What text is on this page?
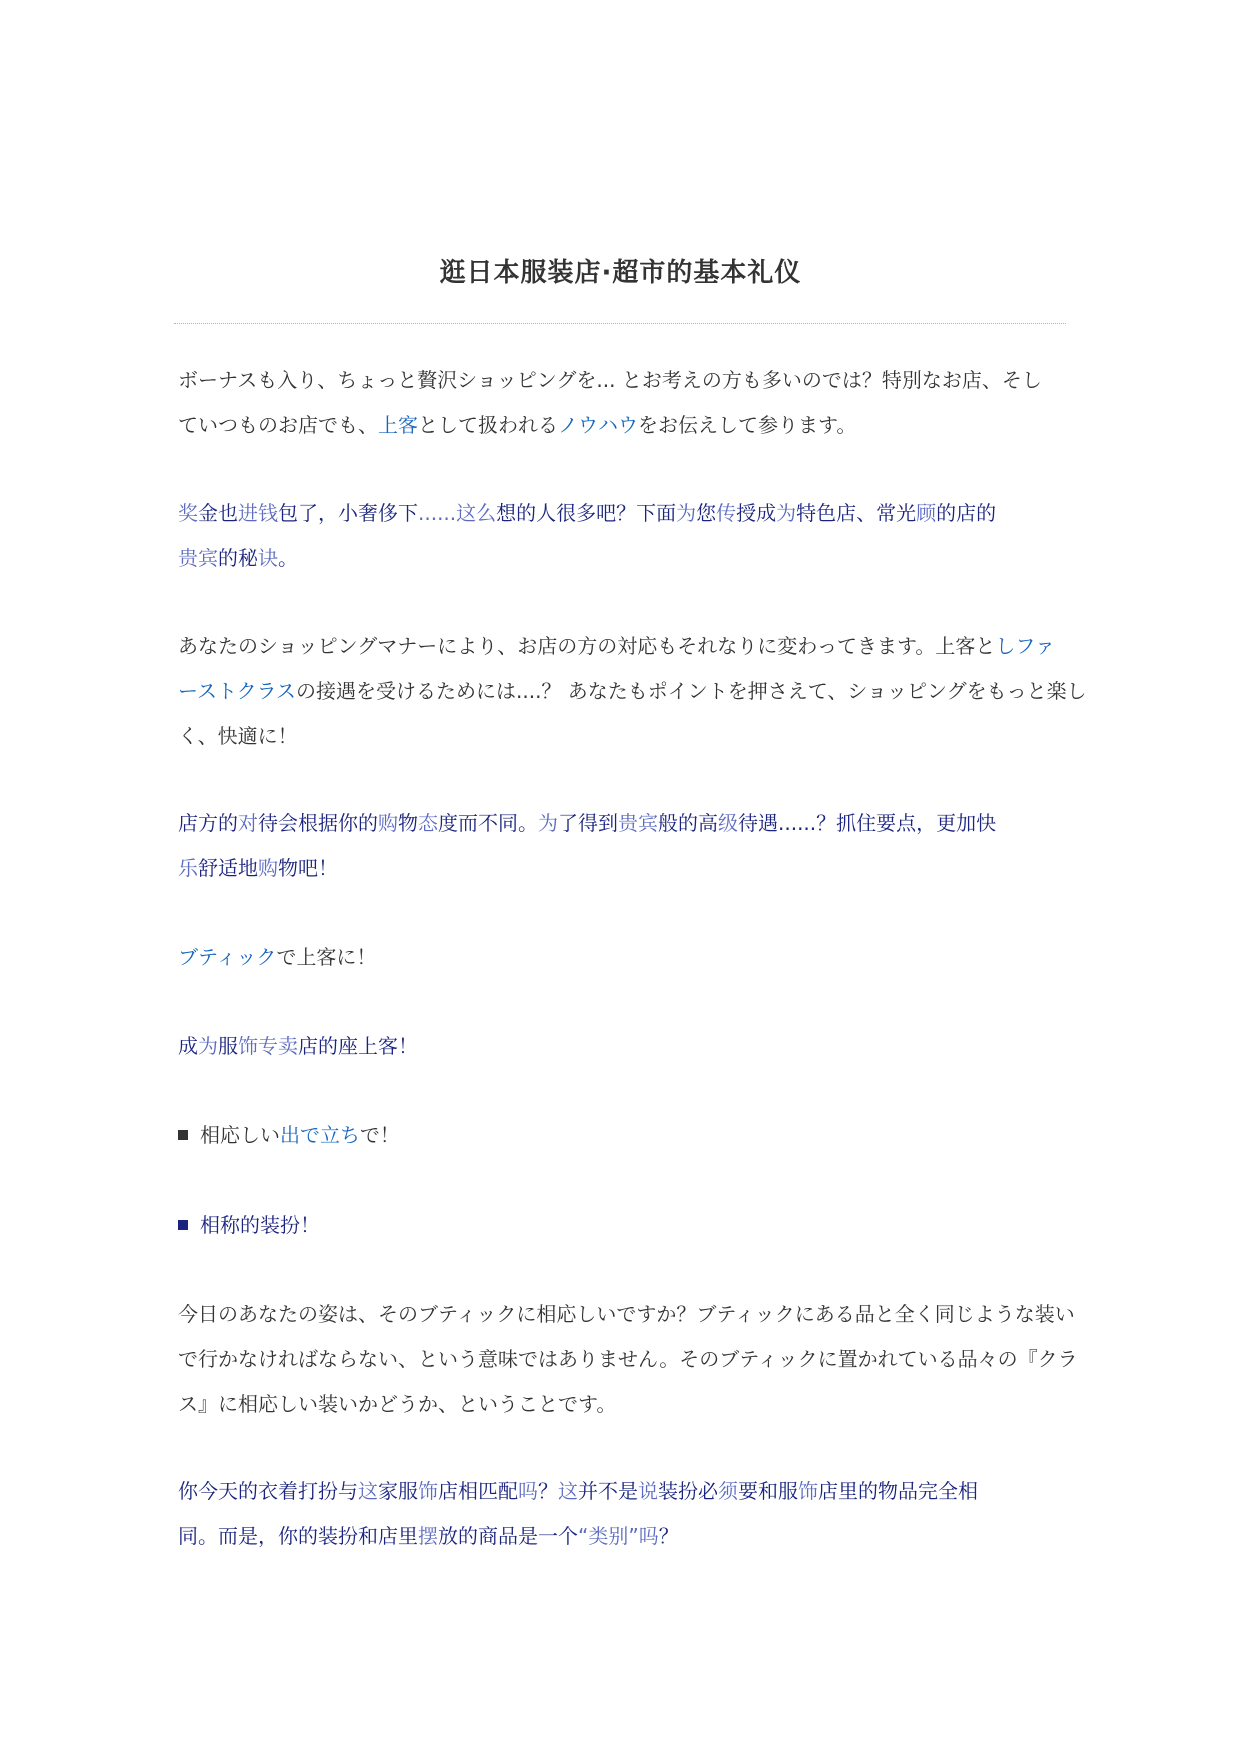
逛日本服装店·超市的基本礼仪
ボーナスも入り、ちょっと贅沢ショッピングを... とお考えの方も多いのでは？特別なお店、そし
ていつものお店でも、上客として扱われるノウハウをお伝えして参ります。
奖金也进钱包了，小奢侈下......这么想的人很多吧？下面为您传授成为特色店、常光顾的店的
贵宾的秘诀。
あなたのショッピングマナーにより、お店の方の対応もそれなりに変わってきます。上客としファ
ーストクラスの接遇を受けるためには....？ あなたもポイントを押さえて、ショッピングをもっと楽し
く、快適に！
店方的对待会根据你的购物态度而不同。为了得到贵宾般的高级待遇......？抓住要点，更加快
乐舒适地购物吧！
ブティックで上客に！
成为服饰专卖店的座上客！
相応しい出で立ちで！
相称的装扮！
今日のあなたの姿は、そのブティックに相応しいですか？ブティックにある品と全く同じような装い
で行かなければならない、という意味ではありません。そのブティックに置かれている品々の『クラ
ス』に相応しい装いかどうか、ということです。
你今天的衣着打扮与这家服饰店相匹配吗？这并不是说装扮必须要和服饰店里的物品完全相
同。而是，你的装扮和店里摆放的商品是一个“类别”吗？
